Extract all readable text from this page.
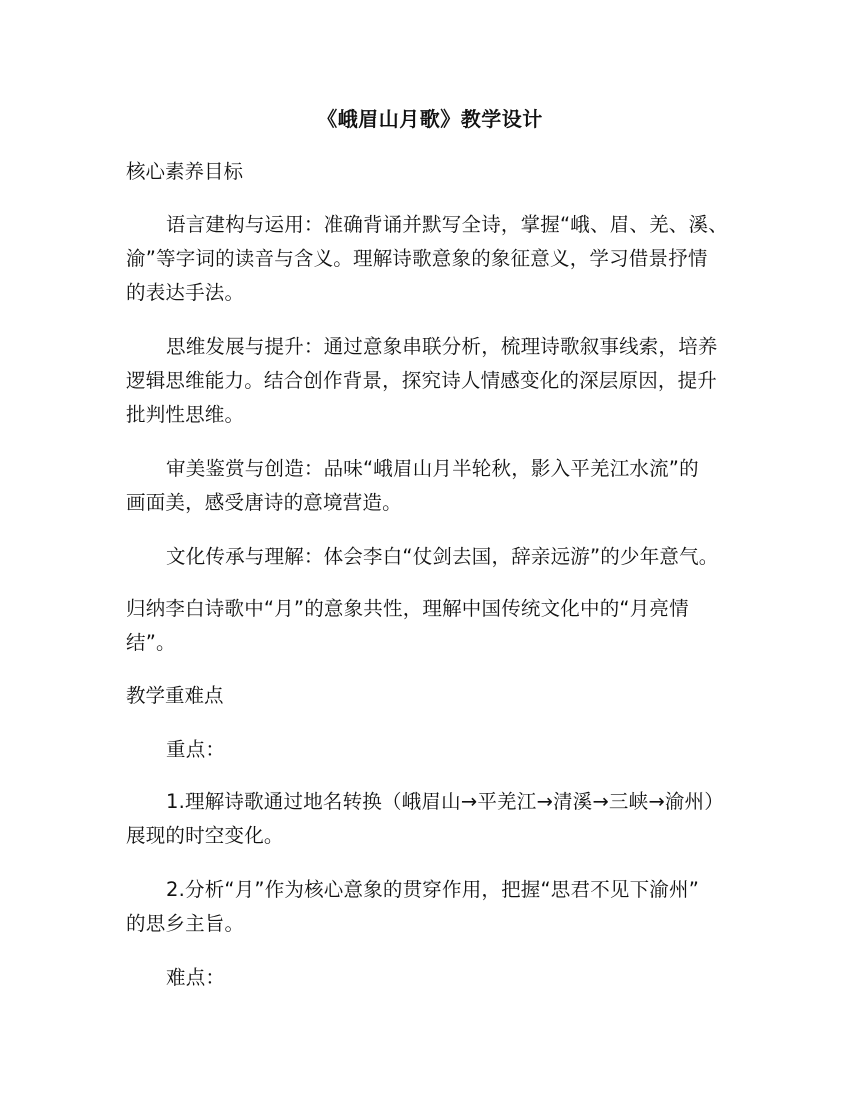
《峨眉山月歌》教学设计
核心素养目标
语言建构与运用：准确背诵并默写全诗，掌握“峨、眉、羌、溪、
渝”等字词的读音与含义。理解诗歌意象的象征意义，学习借景抒情
的表达手法。
思维发展与提升：通过意象串联分析，梳理诗歌叙事线索，培养
逻辑思维能力。结合创作背景，探究诗人情感变化的深层原因，提升
批判性思维。
审美鉴赏与创造：品味“峨眉山月半轮秋，影入平羌江水流”的
画面美，感受唐诗的意境营造。
文化传承与理解：体会李白“仗剑去国，辞亲远游”的少年意气。
归纳李白诗歌中“月”的意象共性，理解中国传统文化中的“月亮情
结”。
教学重难点
重点：
1.理解诗歌通过地名转换（峨眉山→平羌江→清溪→三峡→渝州）
展现的时空变化。
2.分析“月”作为核心意象的贯穿作用，把握“思君不见下渝州”
的思乡主旨。
难点：
